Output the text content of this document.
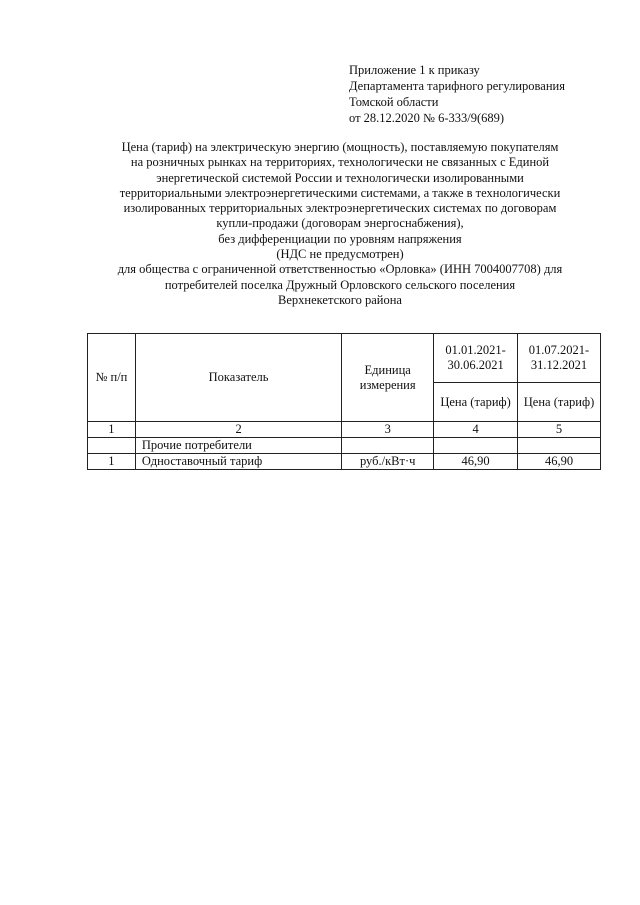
Приложение 1 к приказу
Департамента тарифного регулирования
Томской области
от 28.12.2020 № 6-333/9(689)
Цена (тариф) на электрическую энергию (мощность), поставляемую покупателям
на розничных рынках на территориях, технологически не связанных с Единой
энергетической системой России и технологически изолированными
территориальными электроэнергетическими системами, а также в технологически
изолированных территориальных электроэнергетических системах по договорам
купли-продажи (договорам энергоснабжения),
без дифференциации по уровням напряжения
(НДС не предусмотрен)
для общества с ограниченной ответственностью «Орловка» (ИНН 7004007708) для
потребителей поселка Дружный Орловского сельского поселения
Верхнекетского района
№ п/п	Показатель	Единица измерения	01.01.2021-30.06.2021	01.07.2021-31.12.2021
			Цена (тариф)	Цена (тариф)
1	2	3	4	5
	Прочие потребители			
1	Одноставочный тариф	руб./кВт·ч	46,90	46,90
